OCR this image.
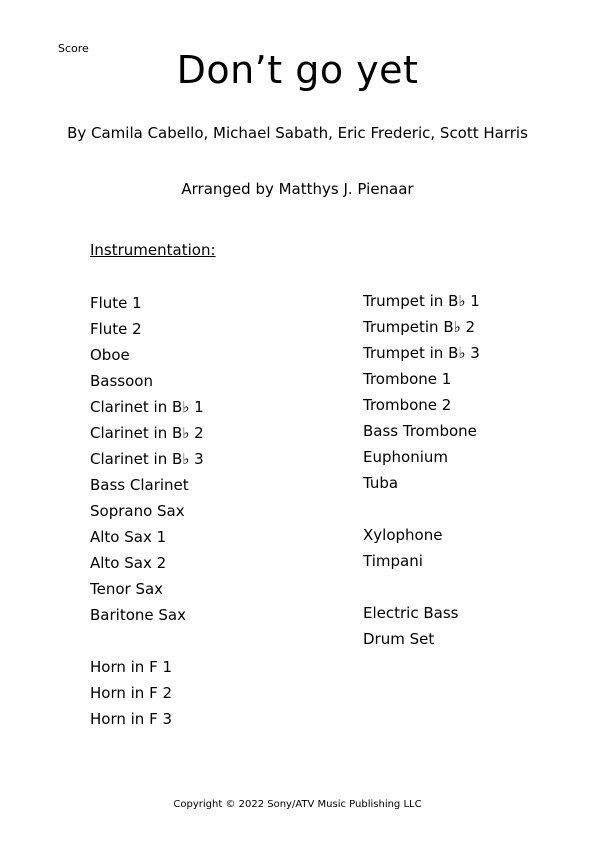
Score	Don’t go yet
By Camila Cabello, Michael Sabath, Eric Frederic, Scott Harris
Arranged by Matthys J. Pienaar
Instrumentation:
Flute 1
Flute 2
Oboe
Bassoon
Clarinet in B♭ 1
Clarinet in B♭ 2
Clarinet in B♭ 3
Bass Clarinet
Soprano Sax
Alto Sax 1
Alto Sax 2
Tenor Sax
Baritone Sax
Horn in F 1
Horn in F 2
Horn in F 3
Trumpet in B♭ 1
Trumpetin B♭ 2
Trumpet in B♭ 3
Trombone 1
Trombone 2
Bass Trombone
Euphonium
Tuba
Xylophone
Timpani
Electric Bass
Drum Set
Copyright © 2022 Sony/ATV Music Publishing LLC
